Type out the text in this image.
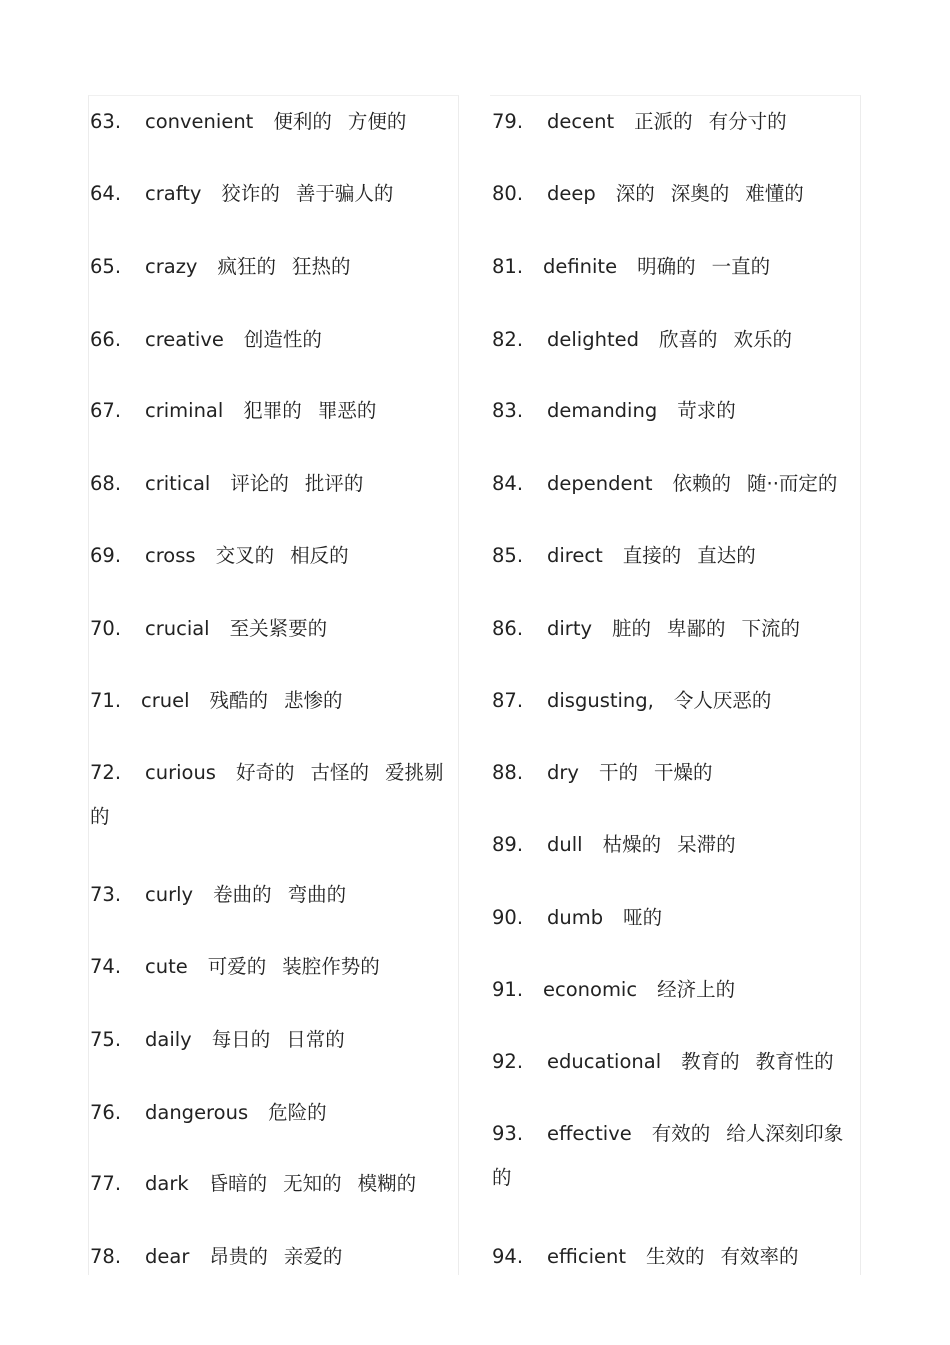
63. convenient 便利的 方便的
64. crafty 狡诈的 善于骗人的
65. crazy 疯狂的 狂热的
66. creative 创造性的
67. criminal 犯罪的 罪恶的
68. critical 评论的 批评的
69. cross 交叉的 相反的
70. crucial 至关紧要的
71. cruel 残酷的 悲惨的
72. curious 好奇的 古怪的 爱挑剔的
73. curly 卷曲的 弯曲的
74. cute 可爱的 装腔作势的
75. daily 每日的 日常的
76. dangerous 危险的
77. dark 昏暗的 无知的 模糊的
78. dear 昂贵的 亲爱的
79. decent 正派的 有分寸的
80. deep 深的 深奥的 难懂的
81. definite 明确的 一直的
82. delighted 欣喜的 欢乐的
83. demanding 苛求的
84. dependent 依赖的 随··而定的
85. direct 直接的 直达的
86. dirty 脏的 卑鄙的 下流的
87. disgusting, 令人厌恶的
88. dry 干的 干燥的
89. dull 枯燥的 呆滞的
90. dumb 哑的
91. economic 经济上的
92. educational 教育的 教育性的
93. effective 有效的 给人深刻印象的
94. efficient 生效的 有效率的
